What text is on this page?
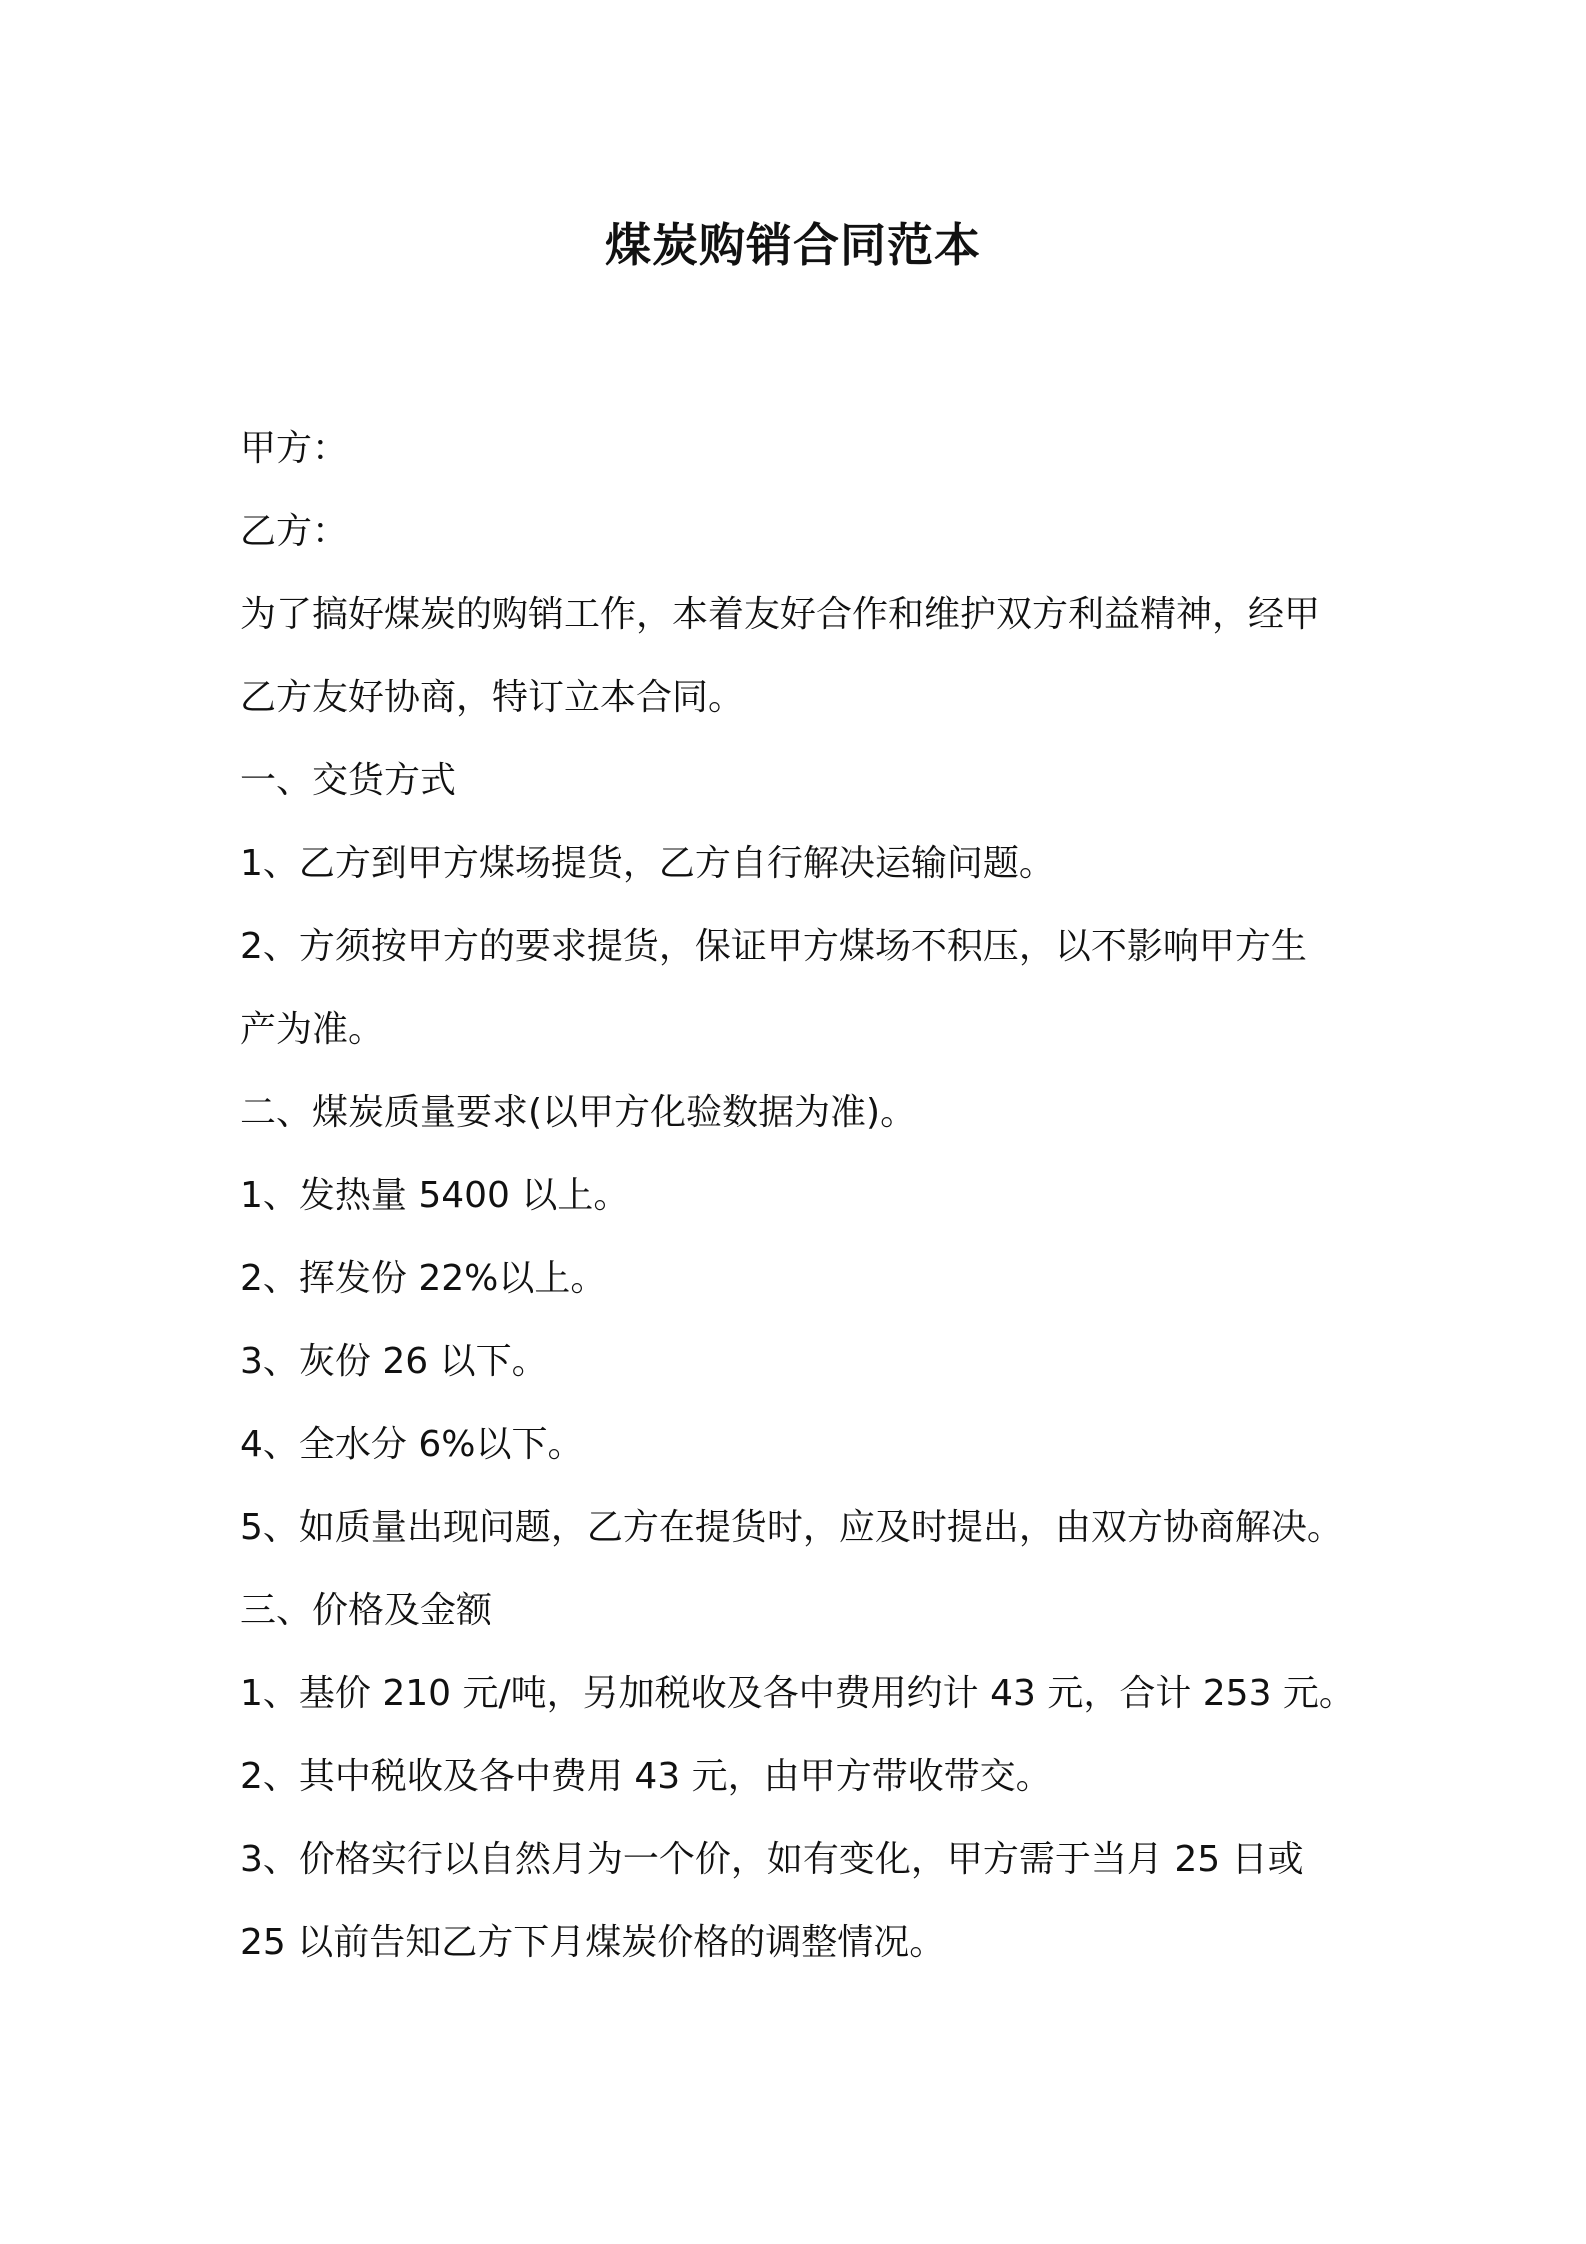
煤炭购销合同范本

甲方：

乙方：

为了搞好煤炭的购销工作，本着友好合作和维护双方利益精神，经甲

乙方友好协商，特订立本合同。

一、交货方式

1、乙方到甲方煤场提货，乙方自行解决运输问题。

2、方须按甲方的要求提货，保证甲方煤场不积压，以不影响甲方生

产为准。

二、煤炭质量要求(以甲方化验数据为准)。

1、发热量 5400 以上。

2、挥发份 22%以上。

3、灰份 26 以下。

4、全水分 6%以下。

5、如质量出现问题，乙方在提货时，应及时提出，由双方协商解决。

三、价格及金额

1、基价 210 元/吨，另加税收及各中费用约计 43 元，合计 253 元。

2、其中税收及各中费用 43 元，由甲方带收带交。

3、价格实行以自然月为一个价，如有变化，甲方需于当月 25 日或

25 以前告知乙方下月煤炭价格的调整情况。
